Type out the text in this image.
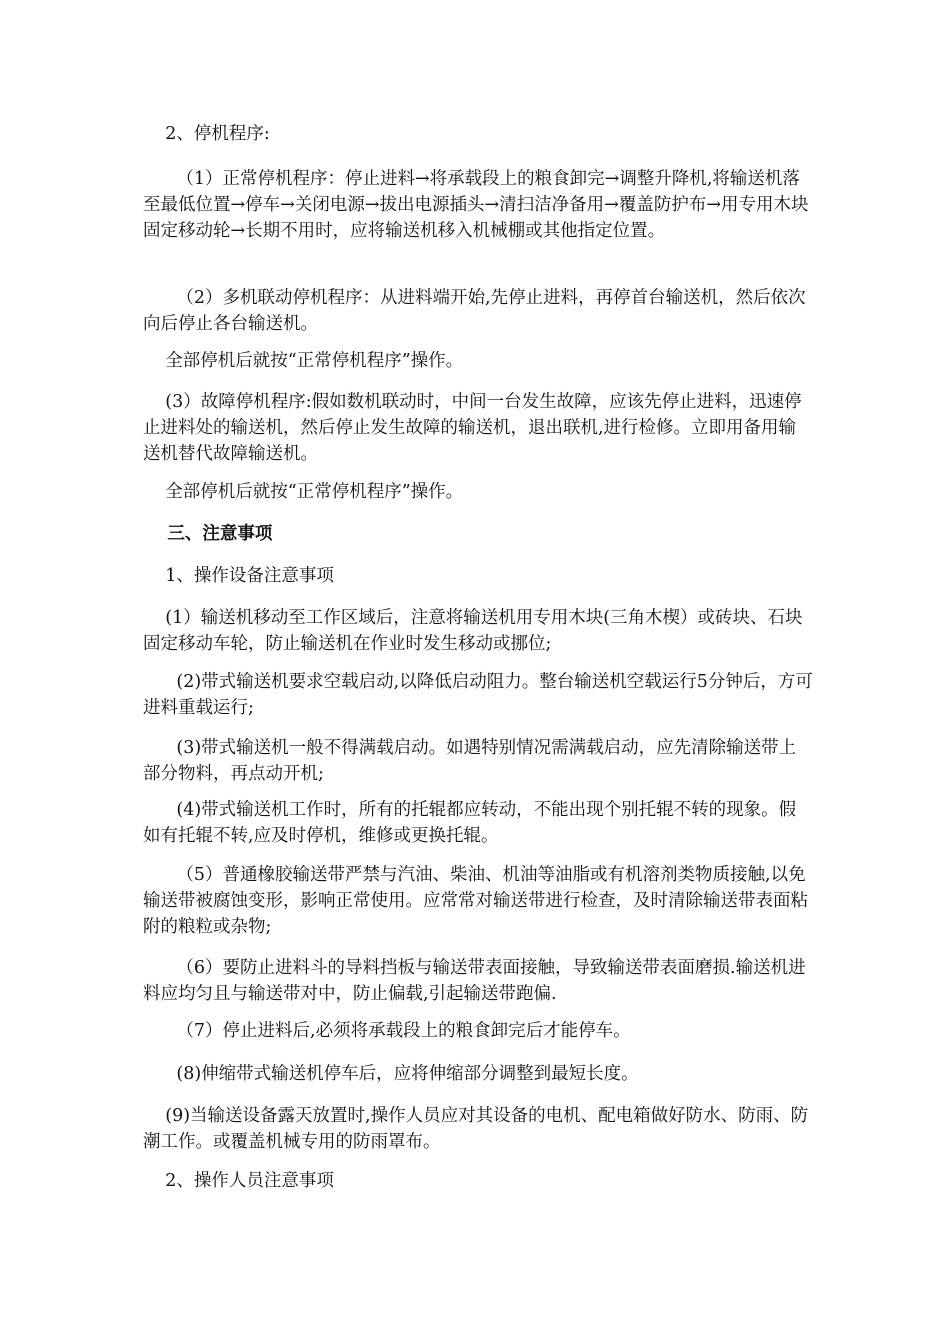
2、停机程序:

（1）正常停机程序：停止进料→将承载段上的粮食卸完→调整升降机,将输送机落至最低位置→停车→关闭电源→拔出电源插头→清扫洁净备用→覆盖防护布→用专用木块固定移动轮→长期不用时，应将输送机移入机械棚或其他指定位置。

（2）多机联动停机程序：从进料端开始,先停止进料，再停首台输送机，然后依次向后停止各台输送机。

全部停机后就按“正常停机程序”操作。

(3）故障停机程序:假如数机联动时，中间一台发生故障，应该先停止进料，迅速停止进料处的输送机，然后停止发生故障的输送机，退出联机,进行检修。立即用备用输送机替代故障输送机。

全部停机后就按“正常停机程序”操作。

三、注意事项

1、操作设备注意事项

(1）输送机移动至工作区域后，注意将输送机用专用木块(三角木楔）或砖块、石块固定移动车轮，防止输送机在作业时发生移动或挪位;

(2)带式输送机要求空载启动,以降低启动阻力。整台输送机空载运行5分钟后，方可进料重载运行;

(3)带式输送机一般不得满载启动。如遇特别情况需满载启动，应先清除输送带上部分物料，再点动开机;

(4)带式输送机工作时，所有的托辊都应转动，不能出现个别托辊不转的现象。假如有托辊不转,应及时停机，维修或更换托辊。

（5）普通橡胶输送带严禁与汽油、柴油、机油等油脂或有机溶剂类物质接触,以免输送带被腐蚀变形，影响正常使用。应常常对输送带进行检查，及时清除输送带表面粘附的粮粒或杂物;

（6）要防止进料斗的导料挡板与输送带表面接触，导致输送带表面磨损.输送机进料应均匀且与输送带对中，防止偏载,引起输送带跑偏.

（7）停止进料后,必须将承载段上的粮食卸完后才能停车。

(8)伸缩带式输送机停车后，应将伸缩部分调整到最短长度。

(9)当输送设备露天放置时,操作人员应对其设备的电机、配电箱做好防水、防雨、防潮工作。或覆盖机械专用的防雨罩布。

2、操作人员注意事项
